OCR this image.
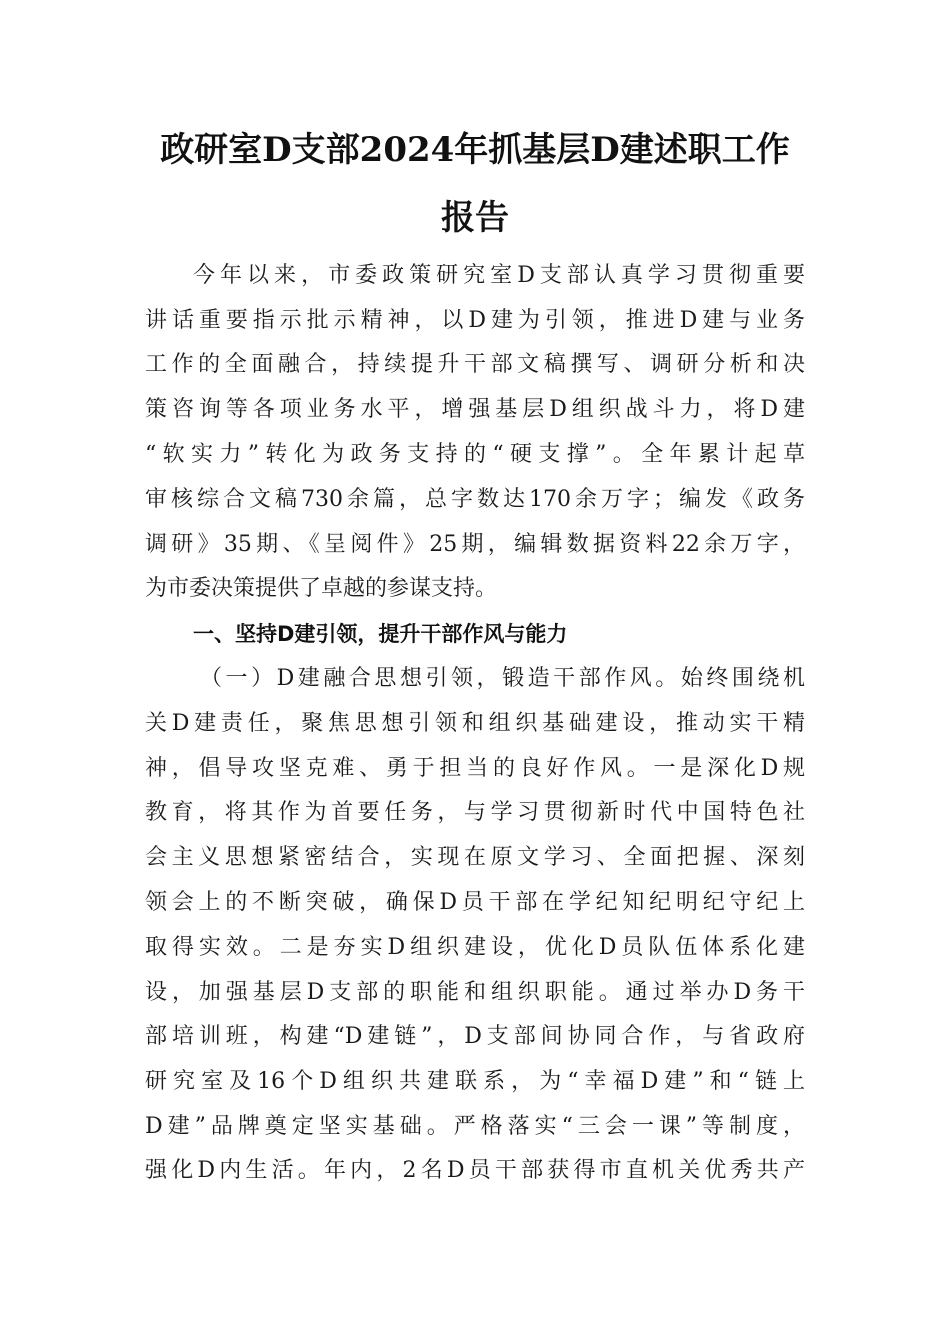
政研室D支部2024年抓基层D建述职工作
报告
今年以来，市委政策研究室D支部认真学习贯彻重要
讲话重要指示批示精神，以D建为引领，推进D建与业务
工作的全面融合，持续提升干部文稿撰写、调研分析和决
策咨询等各项业务水平，增强基层D组织战斗力，将D建
“软实力”转化为政务支持的“硬支撑”。全年累计起草
审核综合文稿730余篇，总字数达170余万字；编发《政务
调研》35期、《呈阅件》25期，编辑数据资料22余万字，
为市委决策提供了卓越的参谋支持。
一、坚持D建引领，提升干部作风与能力
（一）D建融合思想引领，锻造干部作风。始终围绕机
关D建责任，聚焦思想引领和组织基础建设，推动实干精
神，倡导攻坚克难、勇于担当的良好作风。一是深化D规
教育，将其作为首要任务，与学习贯彻新时代中国特色社
会主义思想紧密结合，实现在原文学习、全面把握、深刻
领会上的不断突破，确保D员干部在学纪知纪明纪守纪上
取得实效。二是夯实D组织建设，优化D员队伍体系化建
设，加强基层D支部的职能和组织职能。通过举办D务干
部培训班，构建“D建链”，D支部间协同合作，与省政府
研究室及16个D组织共建联系，为“幸福D建”和“链上
D建”品牌奠定坚实基础。严格落实“三会一课”等制度，
强化D内生活。年内，2名D员干部获得市直机关优秀共产
